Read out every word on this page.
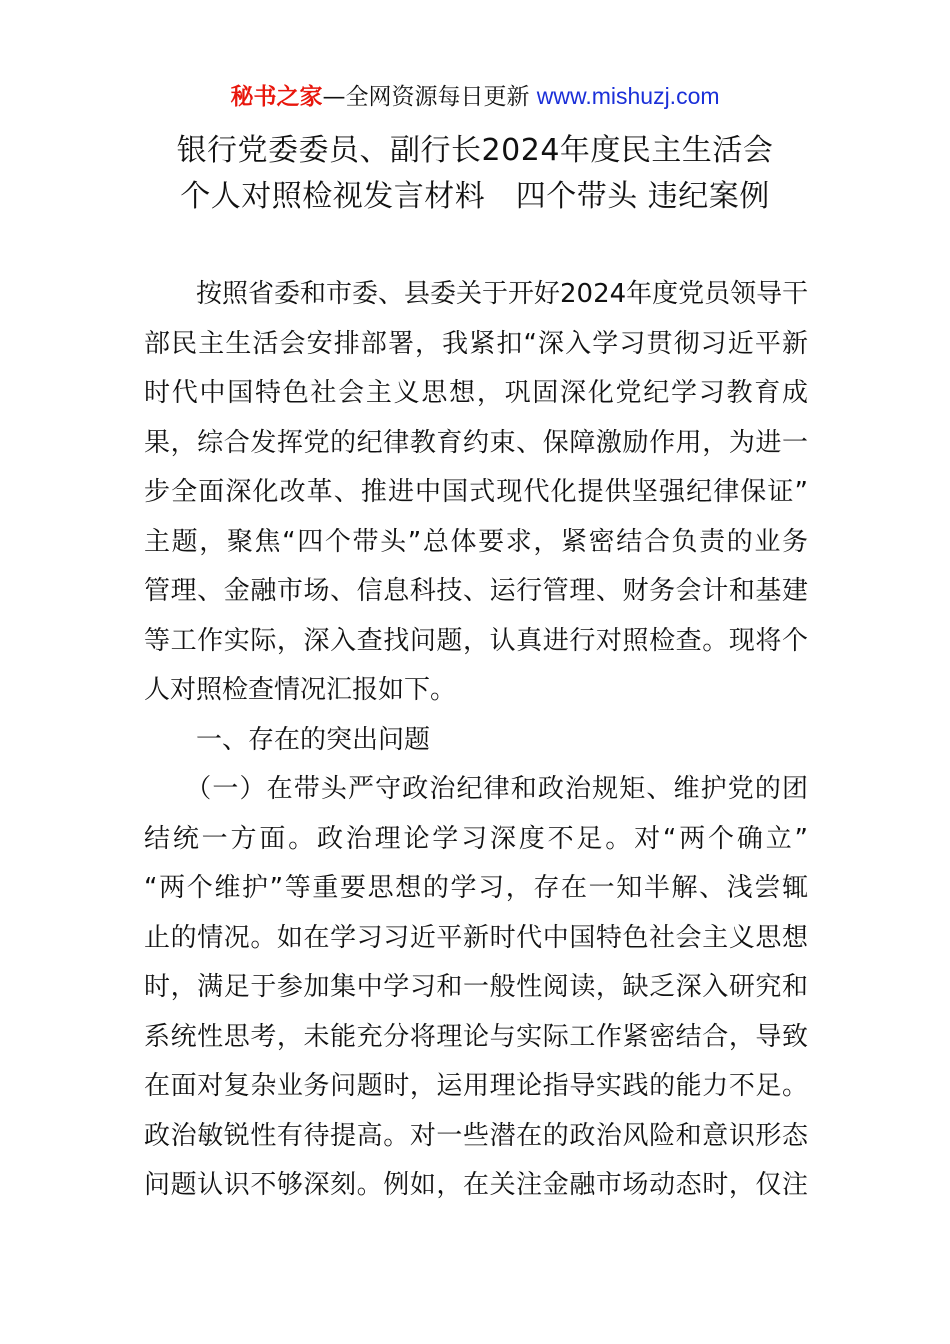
秘书之家—全网资源每日更新 www.mishuzj.com
银行党委委员、副行长2024年度民主生活会
个人对照检视发言材料　四个带头 违纪案例
　　按照省委和市委、县委关于开好2024年度党员领导干
部民主生活会安排部署，我紧扣“深入学习贯彻习近平新
时代中国特色社会主义思想，巩固深化党纪学习教育成
果，综合发挥党的纪律教育约束、保障激励作用，为进一
步全面深化改革、推进中国式现代化提供坚强纪律保证”
主题，聚焦“四个带头”总体要求，紧密结合负责的业务
管理、金融市场、信息科技、运行管理、财务会计和基建
等工作实际，深入查找问题，认真进行对照检查。现将个
人对照检查情况汇报如下。
　　一、存在的突出问题
　　（一）在带头严守政治纪律和政治规矩、维护党的团
结统一方面。政治理论学习深度不足。对“两个确立”
“两个维护”等重要思想的学习，存在一知半解、浅尝辄
止的情况。如在学习习近平新时代中国特色社会主义思想
时，满足于参加集中学习和一般性阅读，缺乏深入研究和
系统性思考，未能充分将理论与实际工作紧密结合，导致
在面对复杂业务问题时，运用理论指导实践的能力不足。
政治敏锐性有待提高。对一些潜在的政治风险和意识形态
问题认识不够深刻。例如，在关注金融市场动态时，仅注
